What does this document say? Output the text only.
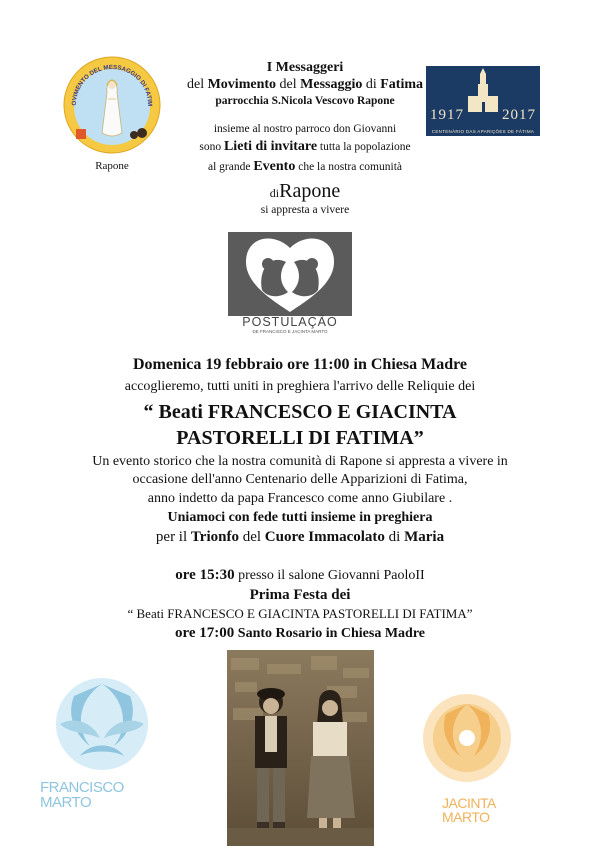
OVIMENTO DEL MESSAGGIO DI FATIM
Rapone
1917	2017
CENTENÁRIO DAS APARIÇÕES DE FÁTIMA
I Messaggeri
del Movimento del Messaggio di Fatima
parrocchia S.Nicola Vescovo Rapone
insieme al nostro parroco don Giovanni
sono Lieti di invitare tutta la popolazione
al grande Evento che la nostra comunità
diRapone
si appresta a vivere
POSTULAÇÃO
DE FRANCISCO E JACINTA MARTO
Domenica 19 febbraio ore 11:00 in Chiesa Madre
accoglieremo, tutti uniti in preghiera l'arrivo delle Reliquie dei
“ Beati FRANCESCO E GIACINTA
PASTORELLI DI FATIMA”
Un evento storico che la nostra comunità di Rapone si appresta a vivere in
occasione dell'anno Centenario delle Apparizioni di Fatima,
anno indetto da papa Francesco come anno Giubilare .
Uniamoci con fede tutti insieme in preghiera
per il Trionfo del Cuore Immacolato di Maria
ore 15:30 presso il salone Giovanni PaoloII
Prima Festa dei
“ Beati FRANCESCO E GIACINTA PASTORELLI DI FATIMA”
ore 17:00 Santo Rosario in Chiesa Madre
FRANCISCO
MARTO	JACINTA
MARTO
